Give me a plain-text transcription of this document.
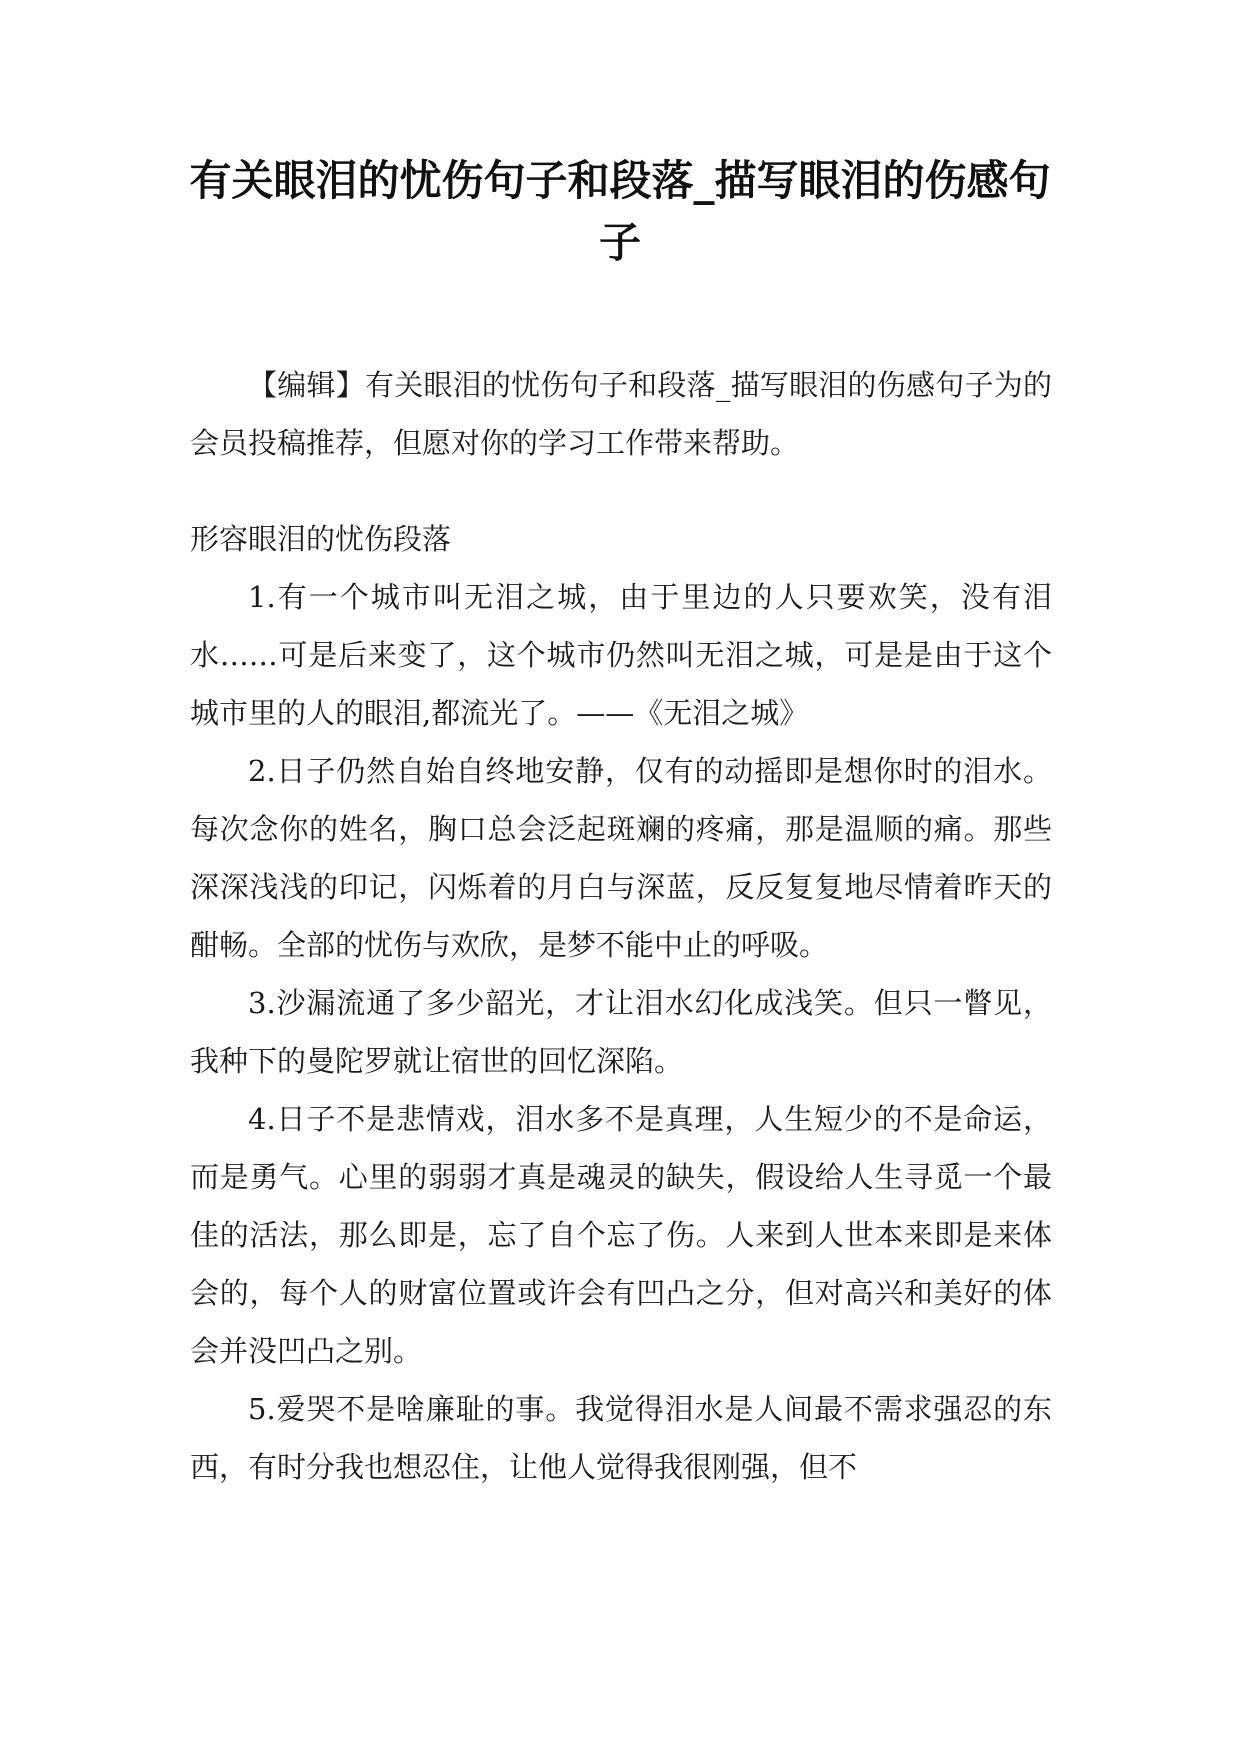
有关眼泪的忧伤句子和段落_描写眼泪的伤感句子

【编辑】有关眼泪的忧伤句子和段落_描写眼泪的伤感句子为的会员投稿推荐，但愿对你的学习工作带来帮助。

形容眼泪的忧伤段落

1.有一个城市叫无泪之城，由于里边的人只要欢笑，没有泪水……可是后来变了，这个城市仍然叫无泪之城，可是是由于这个城市里的人的眼泪,都流光了。——《无泪之城》

2.日子仍然自始自终地安静，仅有的动摇即是想你时的泪水。每次念你的姓名，胸口总会泛起斑斓的疼痛，那是温顺的痛。那些深深浅浅的印记，闪烁着的月白与深蓝，反反复复地尽情着昨天的酣畅。全部的忧伤与欢欣，是梦不能中止的呼吸。

3.沙漏流通了多少韶光，才让泪水幻化成浅笑。但只一瞥见，我种下的曼陀罗就让宿世的回忆深陷。

4.日子不是悲情戏，泪水多不是真理，人生短少的不是命运，而是勇气。心里的弱弱才真是魂灵的缺失，假设给人生寻觅一个最佳的活法，那么即是，忘了自个忘了伤。人来到人世本来即是来体会的，每个人的财富位置或许会有凹凸之分，但对高兴和美好的体会并没凹凸之别。

5.爱哭不是啥廉耻的事。我觉得泪水是人间最不需求强忍的东西，有时分我也想忍住，让他人觉得我很刚强，但不
